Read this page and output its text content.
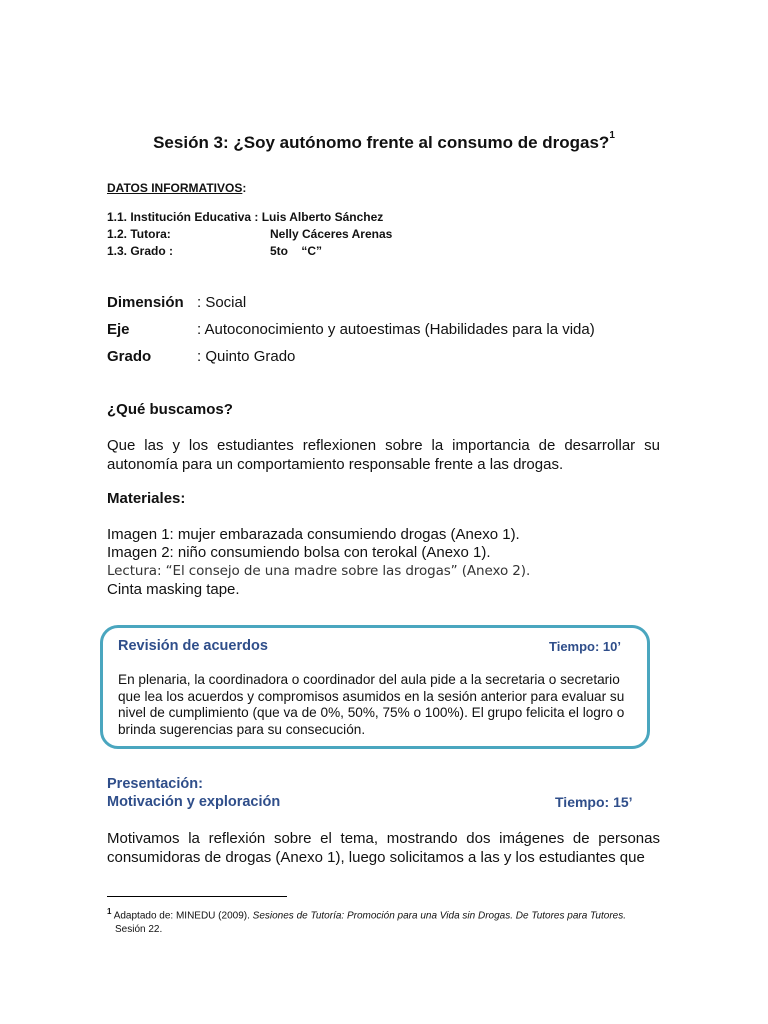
Sesión 3: ¿Soy autónomo frente al consumo de drogas?$^1$
DATOS INFORMATIVOS:
1.1. Institución Educativa : Luis Alberto Sánchez
1.2. Tutora:	Nelly Cáceres Arenas
1.3. Grado :	5to    “C”
Dimensión : Social
Eje	: Autoconocimiento y autoestimas (Habilidades para la vida)
Grado	: Quinto Grado
¿Qué buscamos?
Que las y los estudiantes reflexionen sobre la importancia de desarrollar su autonomía para un comportamiento responsable frente a las drogas.
Materiales:
Imagen 1: mujer embarazada consumiendo drogas (Anexo 1).
Imagen 2: niño consumiendo bolsa con terokal (Anexo 1).
Lectura: “El consejo de una madre sobre las drogas” (Anexo 2).
Cinta masking tape.
Revisión de acuerdos	Tiempo: 10’
En plenaria, la coordinadora o coordinador del aula pide a la secretaria o secretario que lea los acuerdos y compromisos asumidos en la sesión anterior para evaluar su nivel de cumplimiento (que va de 0%, 50%, 75% o 100%). El grupo felicita el logro o brinda sugerencias para su consecución.
Presentación:
Motivación y exploración	Tiempo: 15’
Motivamos la reflexión sobre el tema, mostrando dos imágenes de personas consumidoras de drogas (Anexo 1), luego solicitamos a las y los estudiantes que
$^1$ Adaptado de: MINEDU (2009). Sesiones de Tutoría: Promoción para una Vida sin Drogas. De Tutores para Tutores.
Sesión 22.
